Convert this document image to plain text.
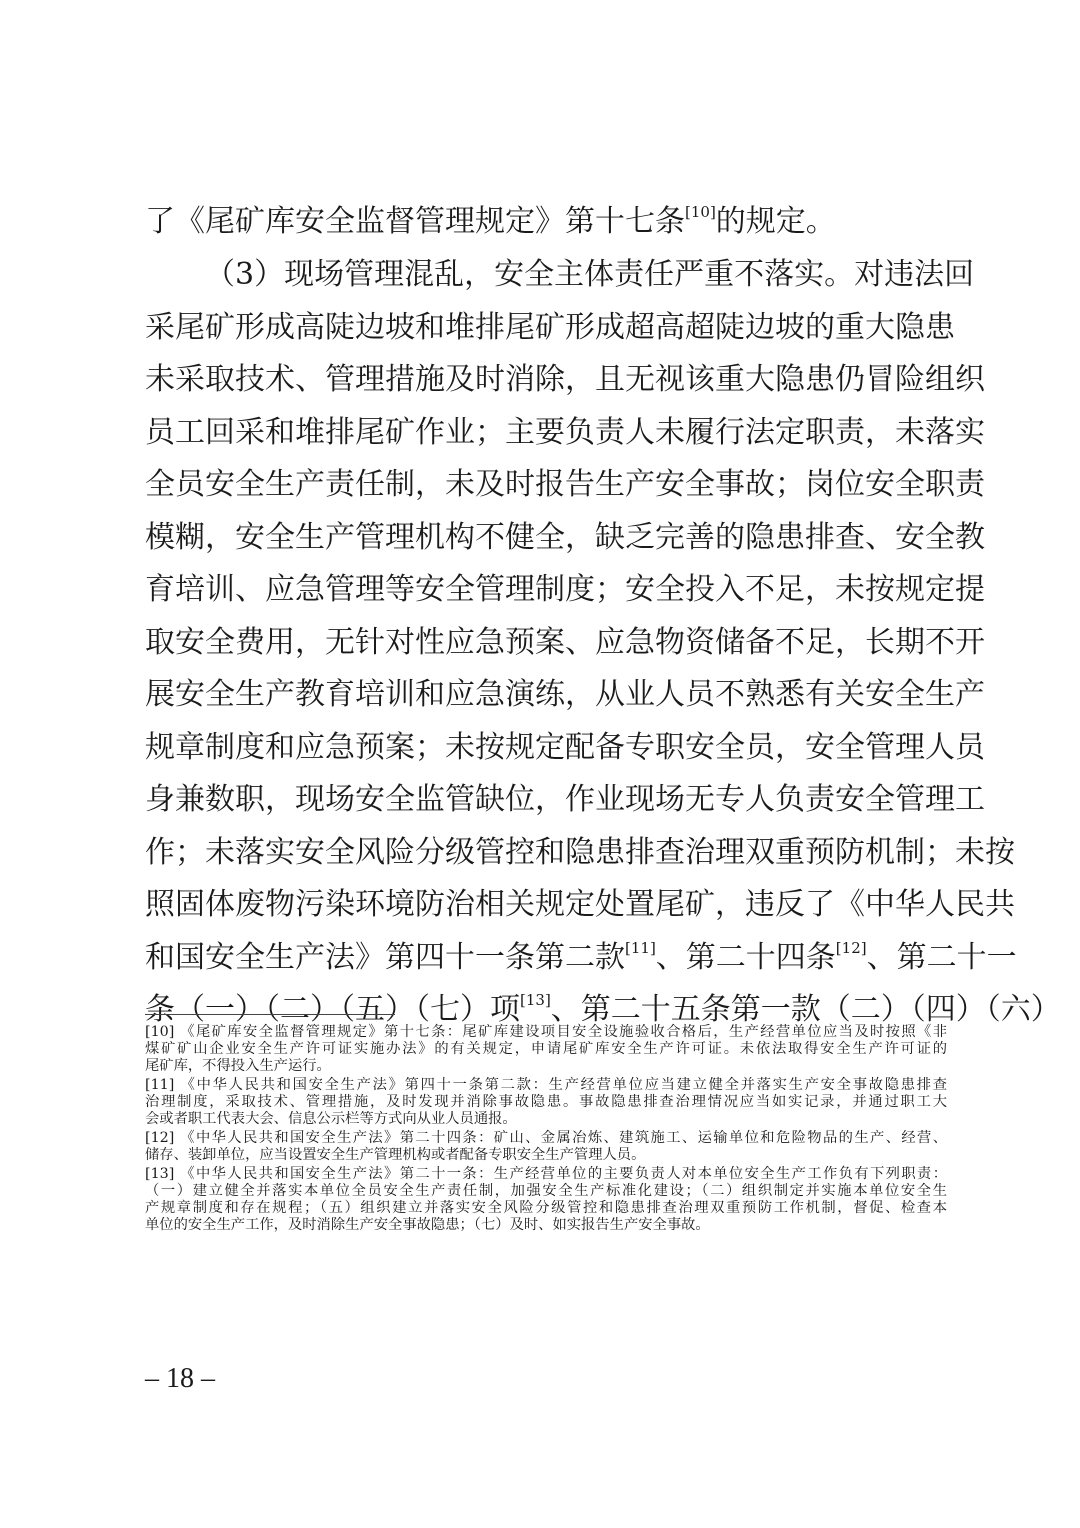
了《尾矿库安全监督管理规定》第十七条[10]的规定。
（3）现场管理混乱，安全主体责任严重不落实。对违法回
采尾矿形成高陡边坡和堆排尾矿形成超高超陡边坡的重大隐患
未采取技术、管理措施及时消除，且无视该重大隐患仍冒险组织
员工回采和堆排尾矿作业；主要负责人未履行法定职责，未落实
全员安全生产责任制，未及时报告生产安全事故；岗位安全职责
模糊，安全生产管理机构不健全，缺乏完善的隐患排查、安全教
育培训、应急管理等安全管理制度；安全投入不足，未按规定提
取安全费用，无针对性应急预案、应急物资储备不足，长期不开
展安全生产教育培训和应急演练，从业人员不熟悉有关安全生产
规章制度和应急预案；未按规定配备专职安全员，安全管理人员
身兼数职，现场安全监管缺位，作业现场无专人负责安全管理工
作；未落实安全风险分级管控和隐患排查治理双重预防机制；未按
照固体废物污染环境防治相关规定处置尾矿，违反了《中华人民共
和国安全生产法》第四十一条第二款[11]、第二十四条[12]、第二十一
条（一）（二）（五）（七）项[13]、第二十五条第一款（二）（四）（六）
[10] 《尾矿库安全监督管理规定》第十七条：尾矿库建设项目安全设施验收合格后，生产经营单位应当及时按照《非
煤矿矿山企业安全生产许可证实施办法》的有关规定，申请尾矿库安全生产许可证。未依法取得安全生产许可证的
尾矿库，不得投入生产运行。
[11] 《中华人民共和国安全生产法》第四十一条第二款：生产经营单位应当建立健全并落实生产安全事故隐患排查
治理制度，采取技术、管理措施，及时发现并消除事故隐患。事故隐患排查治理情况应当如实记录，并通过职工大
会或者职工代表大会、信息公示栏等方式向从业人员通报。
[12] 《中华人民共和国安全生产法》第二十四条：矿山、金属冶炼、建筑施工、运输单位和危险物品的生产、经营、
储存、装卸单位，应当设置安全生产管理机构或者配备专职安全生产管理人员。
[13] 《中华人民共和国安全生产法》第二十一条：生产经营单位的主要负责人对本单位安全生产工作负有下列职责：
（一）建立健全并落实本单位全员安全生产责任制，加强安全生产标准化建设；（二）组织制定并实施本单位安全生
产规章制度和存在规程；（五）组织建立并落实安全风险分级管控和隐患排查治理双重预防工作机制，督促、检查本
单位的安全生产工作，及时消除生产安全事故隐患；（七）及时、如实报告生产安全事故。
– 18 –
